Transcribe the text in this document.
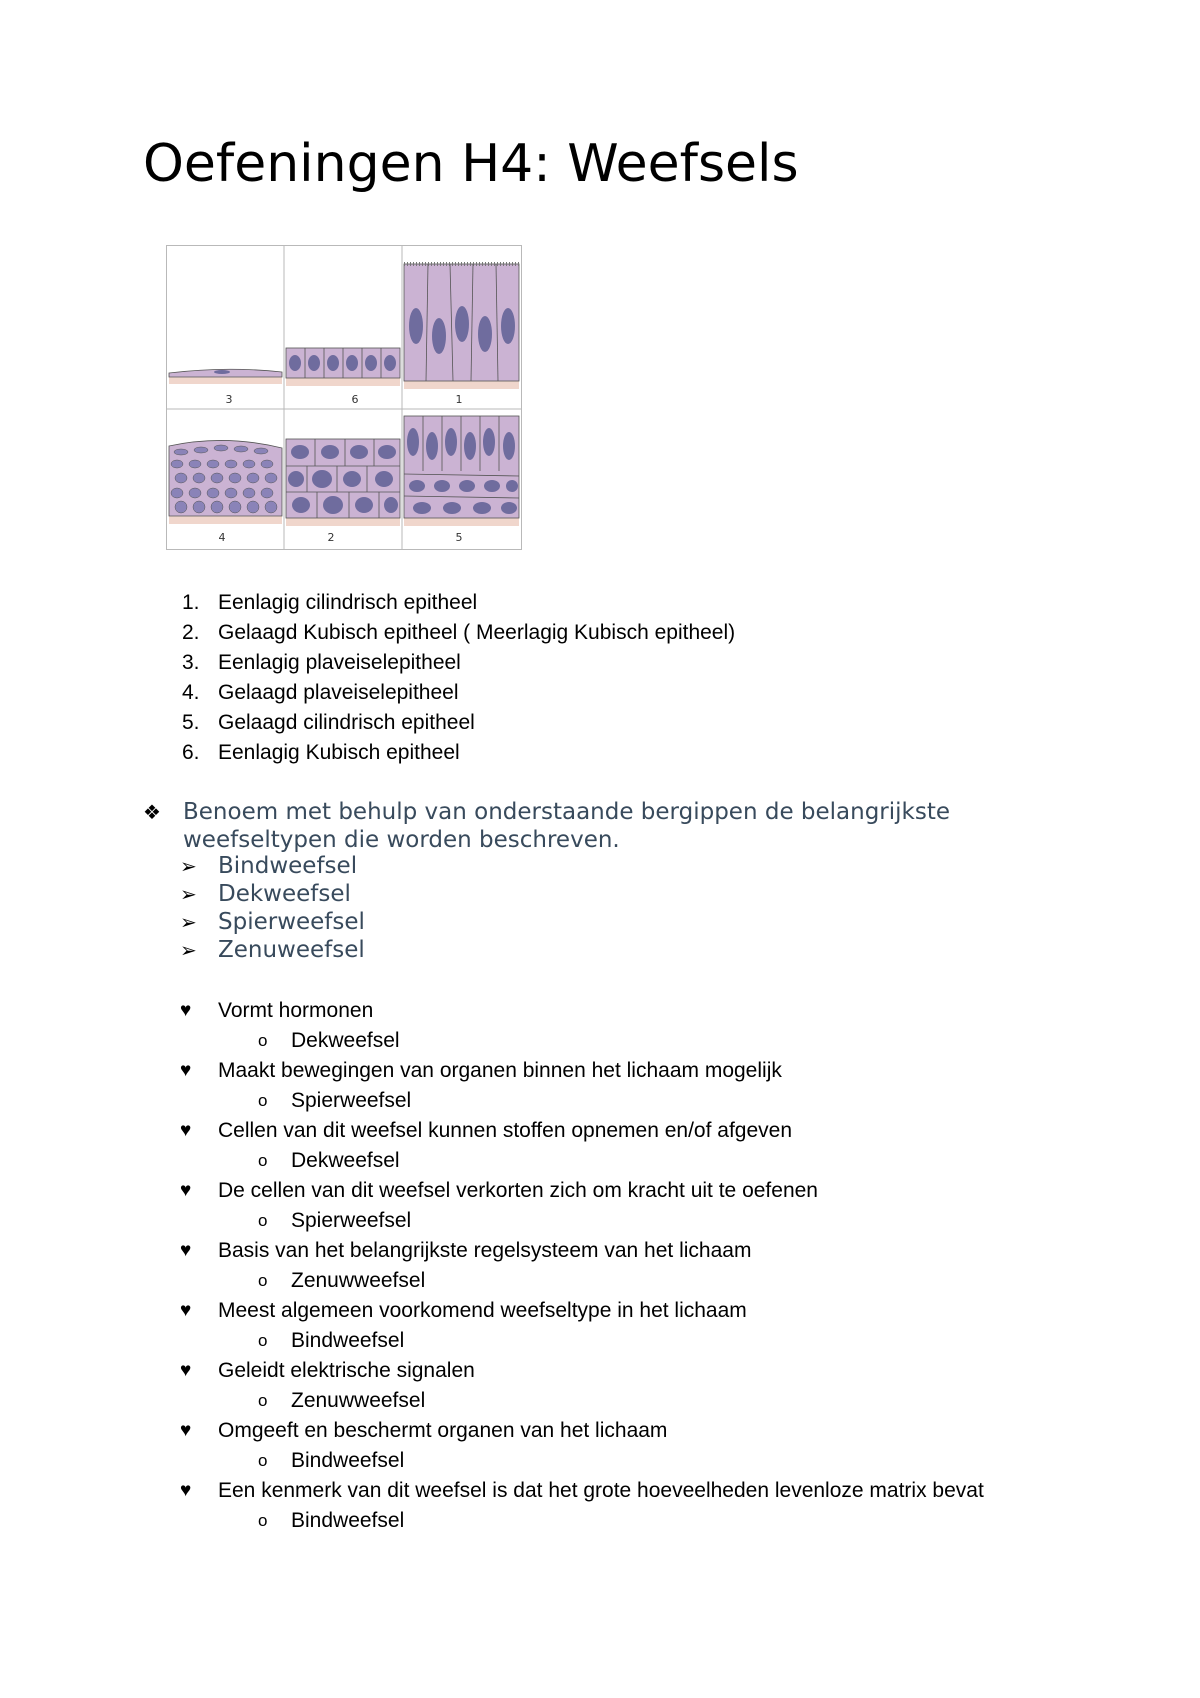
Oefeningen H4: Weefsels
3	6	1
4	2	5
1. Eenlagig cilindrisch epitheel
2. Gelaagd Kubisch epitheel ( Meerlagig Kubisch epitheel)
3. Eenlagig plaveiselepitheel
4. Gelaagd plaveiselepitheel
5. Gelaagd cilindrisch epitheel
6. Eenlagig Kubisch epitheel
❖ Benoem met behulp van onderstaande bergippen de belangrijkste weefseltypen die worden beschreven.
➢ Bindweefsel
➢ Dekweefsel
➢ Spierweefsel
➢ Zenuweefsel
♥ Vormt hormonen
o Dekweefsel
♥ Maakt bewegingen van organen binnen het lichaam mogelijk
o Spierweefsel
♥ Cellen van dit weefsel kunnen stoffen opnemen en/of afgeven
o Dekweefsel
♥ De cellen van dit weefsel verkorten zich om kracht uit te oefenen
o Spierweefsel
♥ Basis van het belangrijkste regelsysteem van het lichaam
o Zenuwweefsel
♥ Meest algemeen voorkomend weefseltype in het lichaam
o Bindweefsel
♥ Geleidt elektrische signalen
o Zenuwweefsel
♥ Omgeeft en beschermt organen van het lichaam
o Bindweefsel
♥ Een kenmerk van dit weefsel is dat het grote hoeveelheden levenloze matrix bevat
o Bindweefsel
